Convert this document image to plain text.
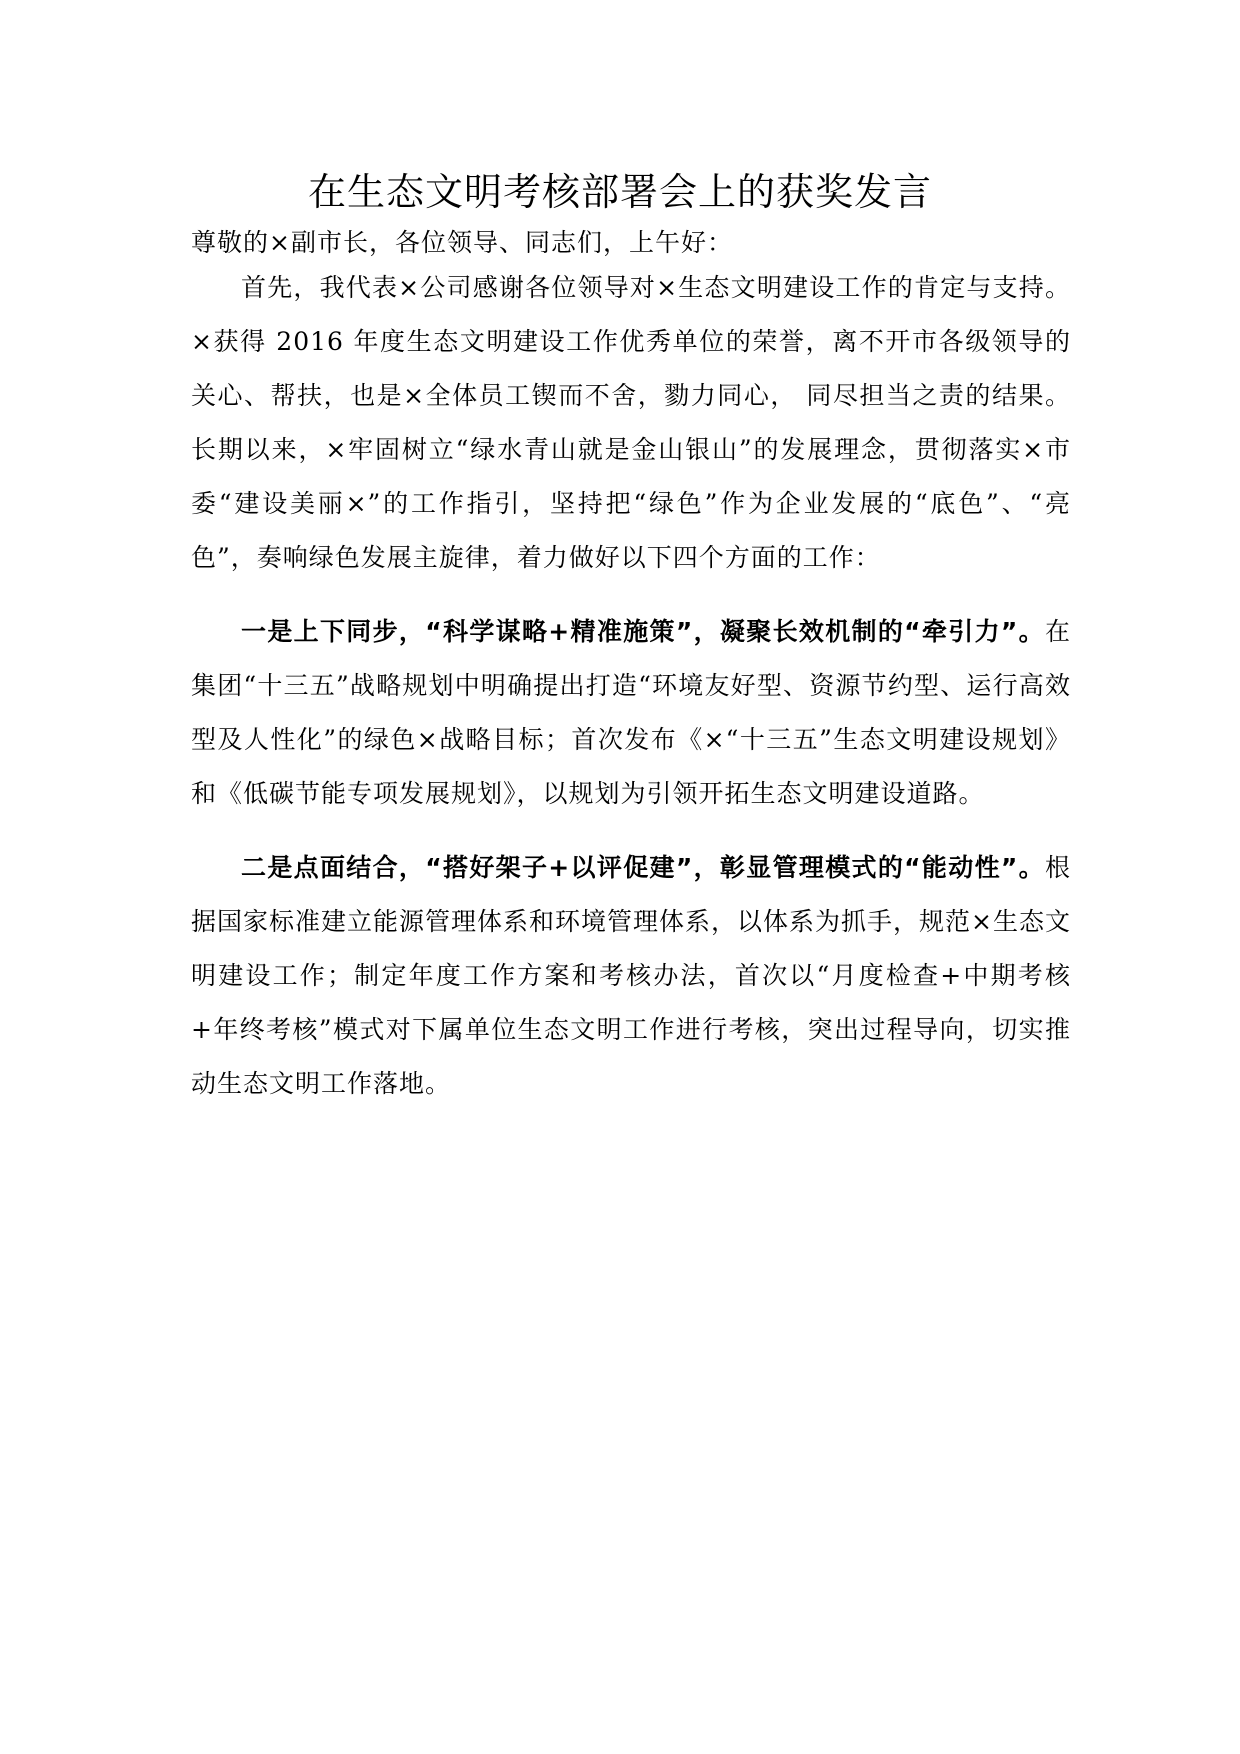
在生态文明考核部署会上的获奖发言

尊敬的×副市长，各位领导、同志们，上午好：

首先，我代表×公司感谢各位领导对×生态文明建设工作的肯定与支持。×获得 2016 年度生态文明建设工作优秀单位的荣誉，离不开市各级领导的关心、帮扶，也是×全体员工锲而不舍，勠力同心， 同尽担当之责的结果。长期以来，×牢固树立“绿水青山就是金山银山”的发展理念，贯彻落实×市委“建设美丽×”的工作指引，坚持把“绿色”作为企业发展的“底色”、“亮色”，奏响绿色发展主旋律，着力做好以下四个方面的工作：

一是上下同步，“科学谋略+精准施策”，凝聚长效机制的“牵引力”。在集团“十三五”战略规划中明确提出打造“环境友好型、资源节约型、运行高效型及人性化”的绿色×战略目标；首次发布《×“十三五”生态文明建设规划》和《低碳节能专项发展规划》，以规划为引领开拓生态文明建设道路。

二是点面结合，“搭好架子+以评促建”，彰显管理模式的“能动性”。根据国家标准建立能源管理体系和环境管理体系，以体系为抓手，规范×生态文明建设工作；制定年度工作方案和考核办法，首次以“月度检查+中期考核+年终考核”模式对下属单位生态文明工作进行考核，突出过程导向，切实推动生态文明工作落地。
